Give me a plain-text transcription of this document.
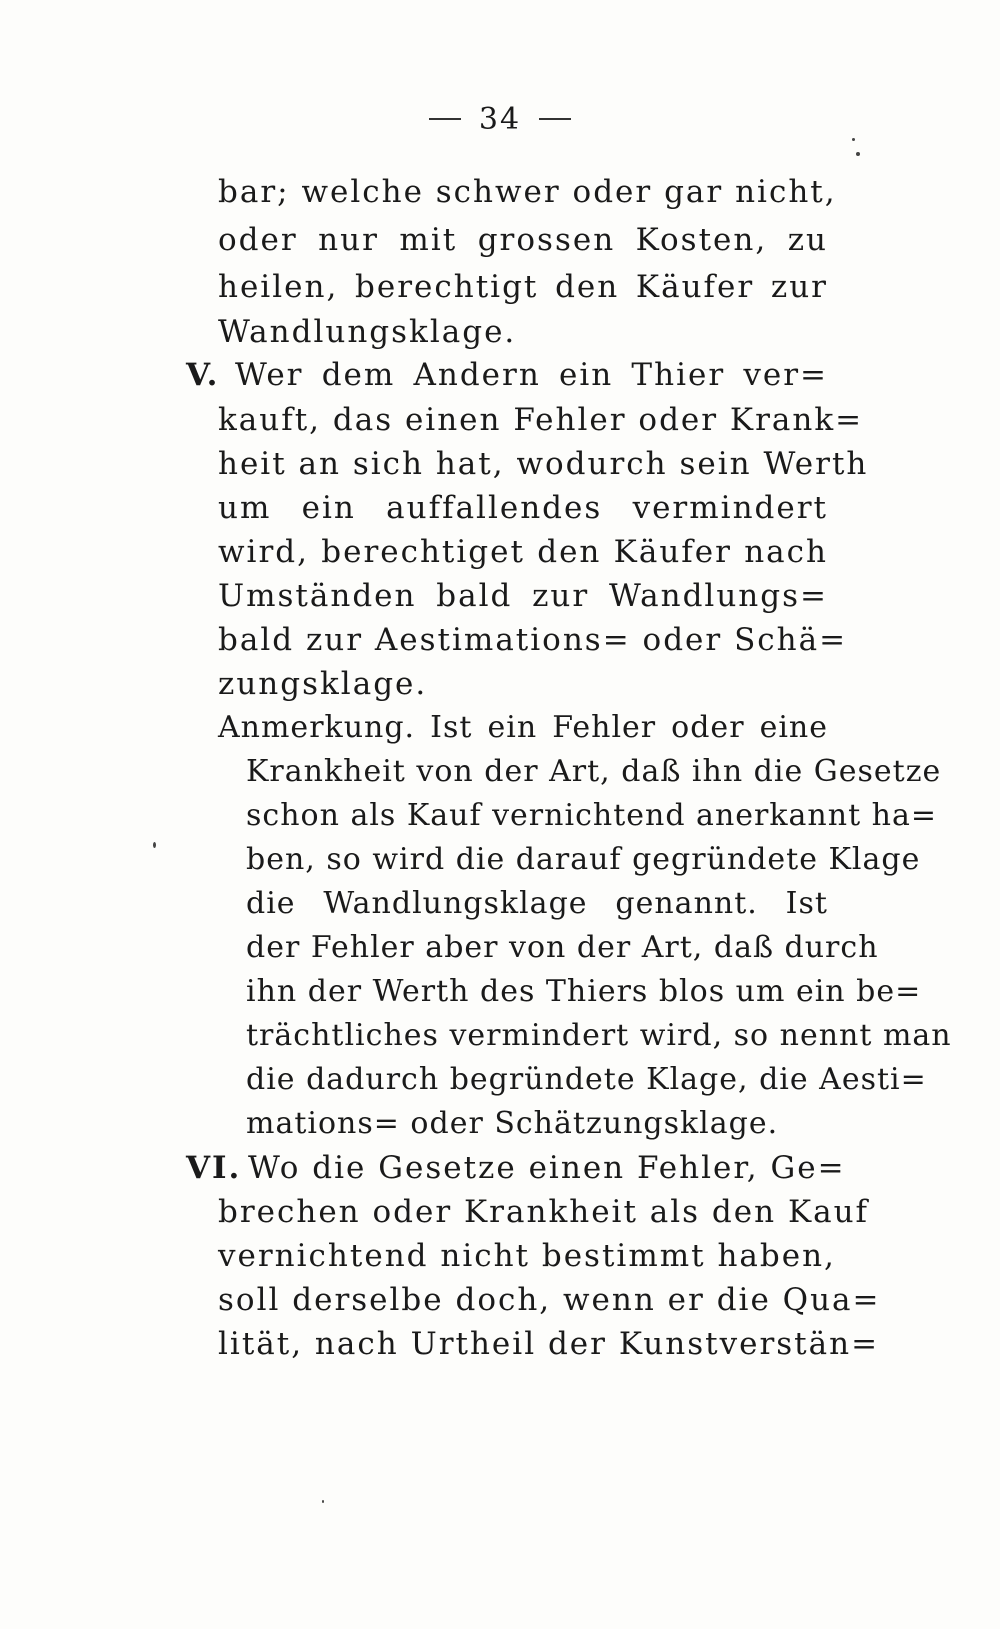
34
bar; welche schwer oder gar nicht,
oder nur mit grossen Kosten, zu
heilen, berechtigt den Käufer zur
Wandlungsklage.
V. Wer dem Andern ein Thier ver=
kauft, das einen Fehler oder Krank=
heit an sich hat, wodurch sein Werth
um ein auffallendes vermindert
wird, berechtiget den Käufer nach
Umständen bald zur Wandlungs=
bald zur Aestimations= oder Schä=
zungsklage.
Anmerkung. Ist ein Fehler oder eine
Krankheit von der Art, daß ihn die Gesetze
schon als Kauf vernichtend anerkannt ha=
ben, so wird die darauf gegründete Klage
die Wandlungsklage genannt. Ist
der Fehler aber von der Art, daß durch
ihn der Werth des Thiers blos um ein be=
trächtliches vermindert wird, so nennt man
die dadurch begründete Klage, die Aesti=
mations= oder Schätzungsklage.
VI. Wo die Gesetze einen Fehler, Ge=
brechen oder Krankheit als den Kauf
vernichtend nicht bestimmt haben,
soll derselbe doch, wenn er die Qua=
lität, nach Urtheil der Kunstverstän=
